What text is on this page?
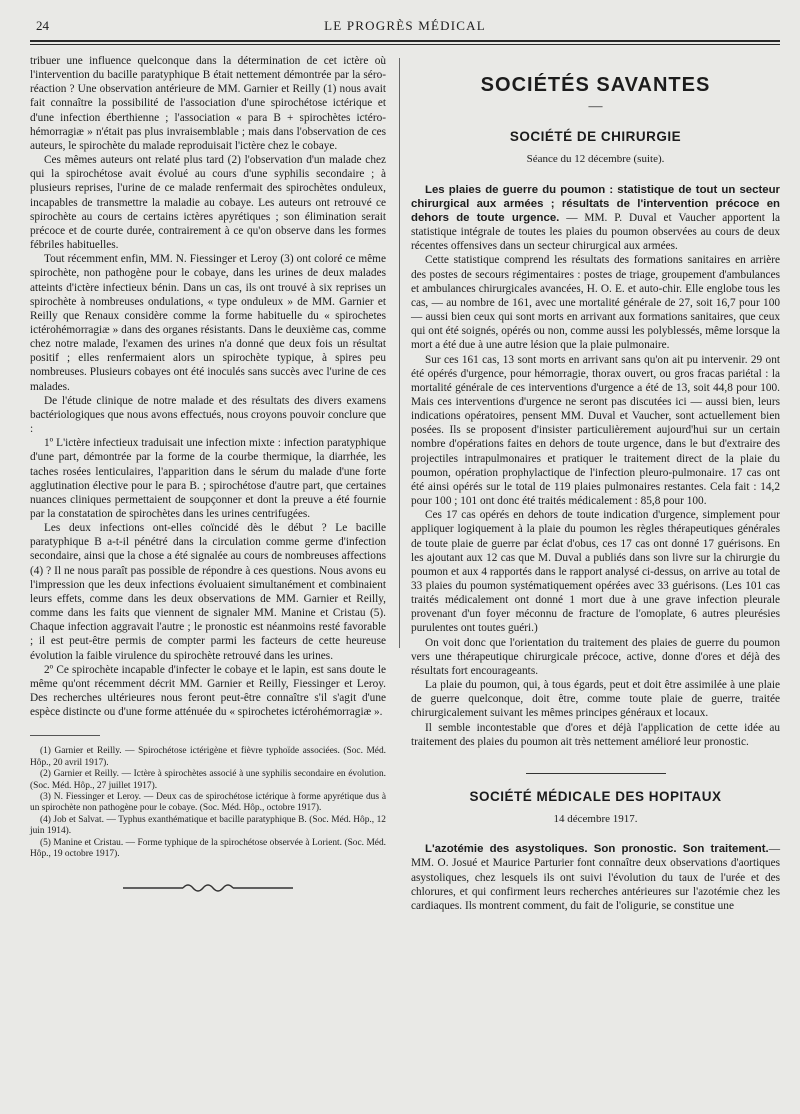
24	LE PROGRÈS MÉDICAL

tribuer une influence quelconque dans la détermination de cet ictère où l'intervention du bacille paratyphique B était nettement démontrée par la séro-réaction ? Une observation antérieure de MM. Garnier et Reilly (1) nous avait fait connaître la possibilité de l'association d'une spirochétose ictérique et d'une infection éberthienne ; l'association « para B + spirochètes ictéro-hémorragiæ » n'était pas plus invraisemblable ; mais dans l'observation de ces auteurs, le spirochète du malade reproduisait l'ictère chez le cobaye.

Ces mêmes auteurs ont relaté plus tard (2) l'observation d'un malade chez qui la spirochétose avait évolué au cours d'une syphilis secondaire ; à plusieurs reprises, l'urine de ce malade renfermait des spirochètes onduleux, incapables de transmettre la maladie au cobaye. Les auteurs ont retrouvé ce spirochète au cours de certains ictères apyrétiques ; son élimination serait précoce et de courte durée, contrairement à ce qu'on observe dans les formes fébriles habituelles.

Tout récemment enfin, MM. N. Fiessinger et Leroy (3) ont coloré ce même spirochète, non pathogène pour le cobaye, dans les urines de deux malades atteints d'ictère infectieux bénin. Dans un cas, ils ont trouvé à six reprises un spirochète à nombreuses ondulations, « type onduleux » de MM. Garnier et Reilly que Renaux considère comme la forme habituelle du « spirochetes ictérohémorragiæ » dans des organes résistants. Dans le deuxième cas, comme chez notre malade, l'examen des urines n'a donné que deux fois un résultat positif ; elles renfermaient alors un spirochète typique, à spires peu nombreuses. Plusieurs cobayes ont été inoculés sans succès avec l'urine de ces malades.

De l'étude clinique de notre malade et des résultats des divers examens bactériologiques que nous avons effectués, nous croyons pouvoir conclure que :

1º L'ictère infectieux traduisait une infection mixte : infection paratyphique d'une part, démontrée par la forme de la courbe thermique, la diarrhée, les taches rosées lenticulaires, l'apparition dans le sérum du malade d'une forte agglutination élective pour le para B. ; spirochétose d'autre part, que certaines nuances cliniques permettaient de soupçonner et dont la preuve a été fournie par la constatation de spirochètes dans les urines centrifugées.

Les deux infections ont-elles coïncidé dès le début ? Le bacille paratyphique B a-t-il pénétré dans la circulation comme germe d'infection secondaire, ainsi que la chose a été signalée au cours de nombreuses affections (4) ? Il ne nous paraît pas possible de répondre à ces questions. Nous avons eu l'impression que les deux infections évoluaient simultanément et combinaient leurs effets, comme dans les deux observations de MM. Garnier et Reilly, comme dans les faits que viennent de signaler MM. Manine et Cristau (5). Chaque infection aggravait l'autre ; le pronostic est néanmoins resté favorable ; il est peut-être permis de compter parmi les facteurs de cette heureuse évolution la faible virulence du spirochète retrouvé dans les urines.

2º Ce spirochète incapable d'infecter le cobaye et le lapin, est sans doute le même qu'ont récemment décrit MM. Garnier et Reilly, Fiessinger et Leroy. Des recherches ultérieures nous feront peut-être connaître s'il s'agit d'une espèce distincte ou d'une forme atténuée du « spirochetes ictérohémorragiæ ».

(1) Garnier et Reilly. — Spirochétose ictérigène et fièvre typhoïde associées. (Soc. Méd. Hôp., 20 avril 1917).

(2) Garnier et Reilly. — Ictère à spirochètes associé à une syphilis secondaire en évolution. (Soc. Méd. Hôp., 27 juillet 1917).

(3) N. Fiessinger et Leroy. — Deux cas de spirochétose ictérique à forme apyrétique dus à un spirochète non pathogène pour le cobaye. (Soc. Méd. Hôp., octobre 1917).

(4) Job et Salvat. — Typhus exanthématique et bacille paratyphique B. (Soc. Méd. Hôp., 12 juin 1914).

(5) Manine et Cristau. — Forme typhique de la spirochétose observée à Lorient. (Soc. Méd. Hôp., 19 octobre 1917).

SOCIÉTÉS SAVANTES
—
SOCIÉTÉ DE CHIRURGIE
Séance du 12 décembre (suite).

Les plaies de guerre du poumon : statistique de tout un secteur chirurgical aux armées ; résultats de l'intervention précoce en dehors de toute urgence. — MM. P. Duval et Vaucher apportent la statistique intégrale de toutes les plaies du poumon observées au cours de deux récentes offensives dans un secteur chirurgical aux armées.

Cette statistique comprend les résultats des formations sanitaires en arrière des postes de secours régimentaires : postes de triage, groupement d'ambulances et ambulances chirurgicales avancées, H. O. E. et auto-chir. Elle englobe tous les cas, — au nombre de 161, avec une mortalité générale de 27, soit 16,7 pour 100 — aussi bien ceux qui sont morts en arrivant aux formations sanitaires, que ceux qui ont été soignés, opérés ou non, comme aussi les polyblessés, même lorsque la mort a été due à une autre lésion que la plaie pulmonaire.

Sur ces 161 cas, 13 sont morts en arrivant sans qu'on ait pu intervenir. 29 ont été opérés d'urgence, pour hémorragie, thorax ouvert, ou gros fracas pariétal : la mortalité générale de ces interventions d'urgence a été de 13, soit 44,8 pour 100. Mais ces interventions d'urgence ne seront pas discutées ici — aussi bien, leurs indications opératoires, pensent MM. Duval et Vaucher, sont actuellement bien posées. Ils se proposent d'insister particulièrement aujourd'hui sur un certain nombre d'opérations faites en dehors de toute urgence, dans le but d'extraire des projectiles intrapulmonaires et pratiquer le traitement direct de la plaie du poumon, opération prophylactique de l'infection pleuro-pulmonaire. 17 cas ont été ainsi opérés sur le total de 119 plaies pulmonaires restantes. Cela fait : 14,2 pour 100 ; 101 ont donc été traités médicalement : 85,8 pour 100.

Ces 17 cas opérés en dehors de toute indication d'urgence, simplement pour appliquer logiquement à la plaie du poumon les règles thérapeutiques générales de toute plaie de guerre par éclat d'obus, ces 17 cas ont donné 17 guérisons. En les ajoutant aux 12 cas que M. Duval a publiés dans son livre sur la chirurgie du poumon et aux 4 rapportés dans le rapport analysé ci-dessus, on arrive au total de 33 plaies du poumon systématiquement opérées avec 33 guérisons. (Les 101 cas traités médicalement ont donné 1 mort due à une grave infection pleurale provenant d'un foyer méconnu de fracture de l'omoplate, 6 autres pleurésies purulentes ont toutes guéri.)

On voit donc que l'orientation du traitement des plaies de guerre du poumon vers une thérapeutique chirurgicale précoce, active, donne d'ores et déjà des résultats fort encourageants.

La plaie du poumon, qui, à tous égards, peut et doit être assimilée à une plaie de guerre quelconque, doit être, comme toute plaie de guerre, traitée chirurgicalement suivant les mêmes principes généraux et locaux.

Il semble incontestable que d'ores et déjà l'application de cette idée au traitement des plaies du poumon ait très nettement amélioré leur pronostic.

SOCIÉTÉ MÉDICALE DES HOPITAUX
14 décembre 1917.

L'azotémie des asystoliques. Son pronostic. Son traitement.— MM. O. Josué et Maurice Parturier font connaître deux observations d'aortiques asystoliques, chez lesquels ils ont suivi l'évolution du taux de l'urée et des chlorures, et qui confirment leurs recherches antérieures sur l'azotémie chez les cardiaques. Ils montrent comment, du fait de l'oligurie, se constitue une
